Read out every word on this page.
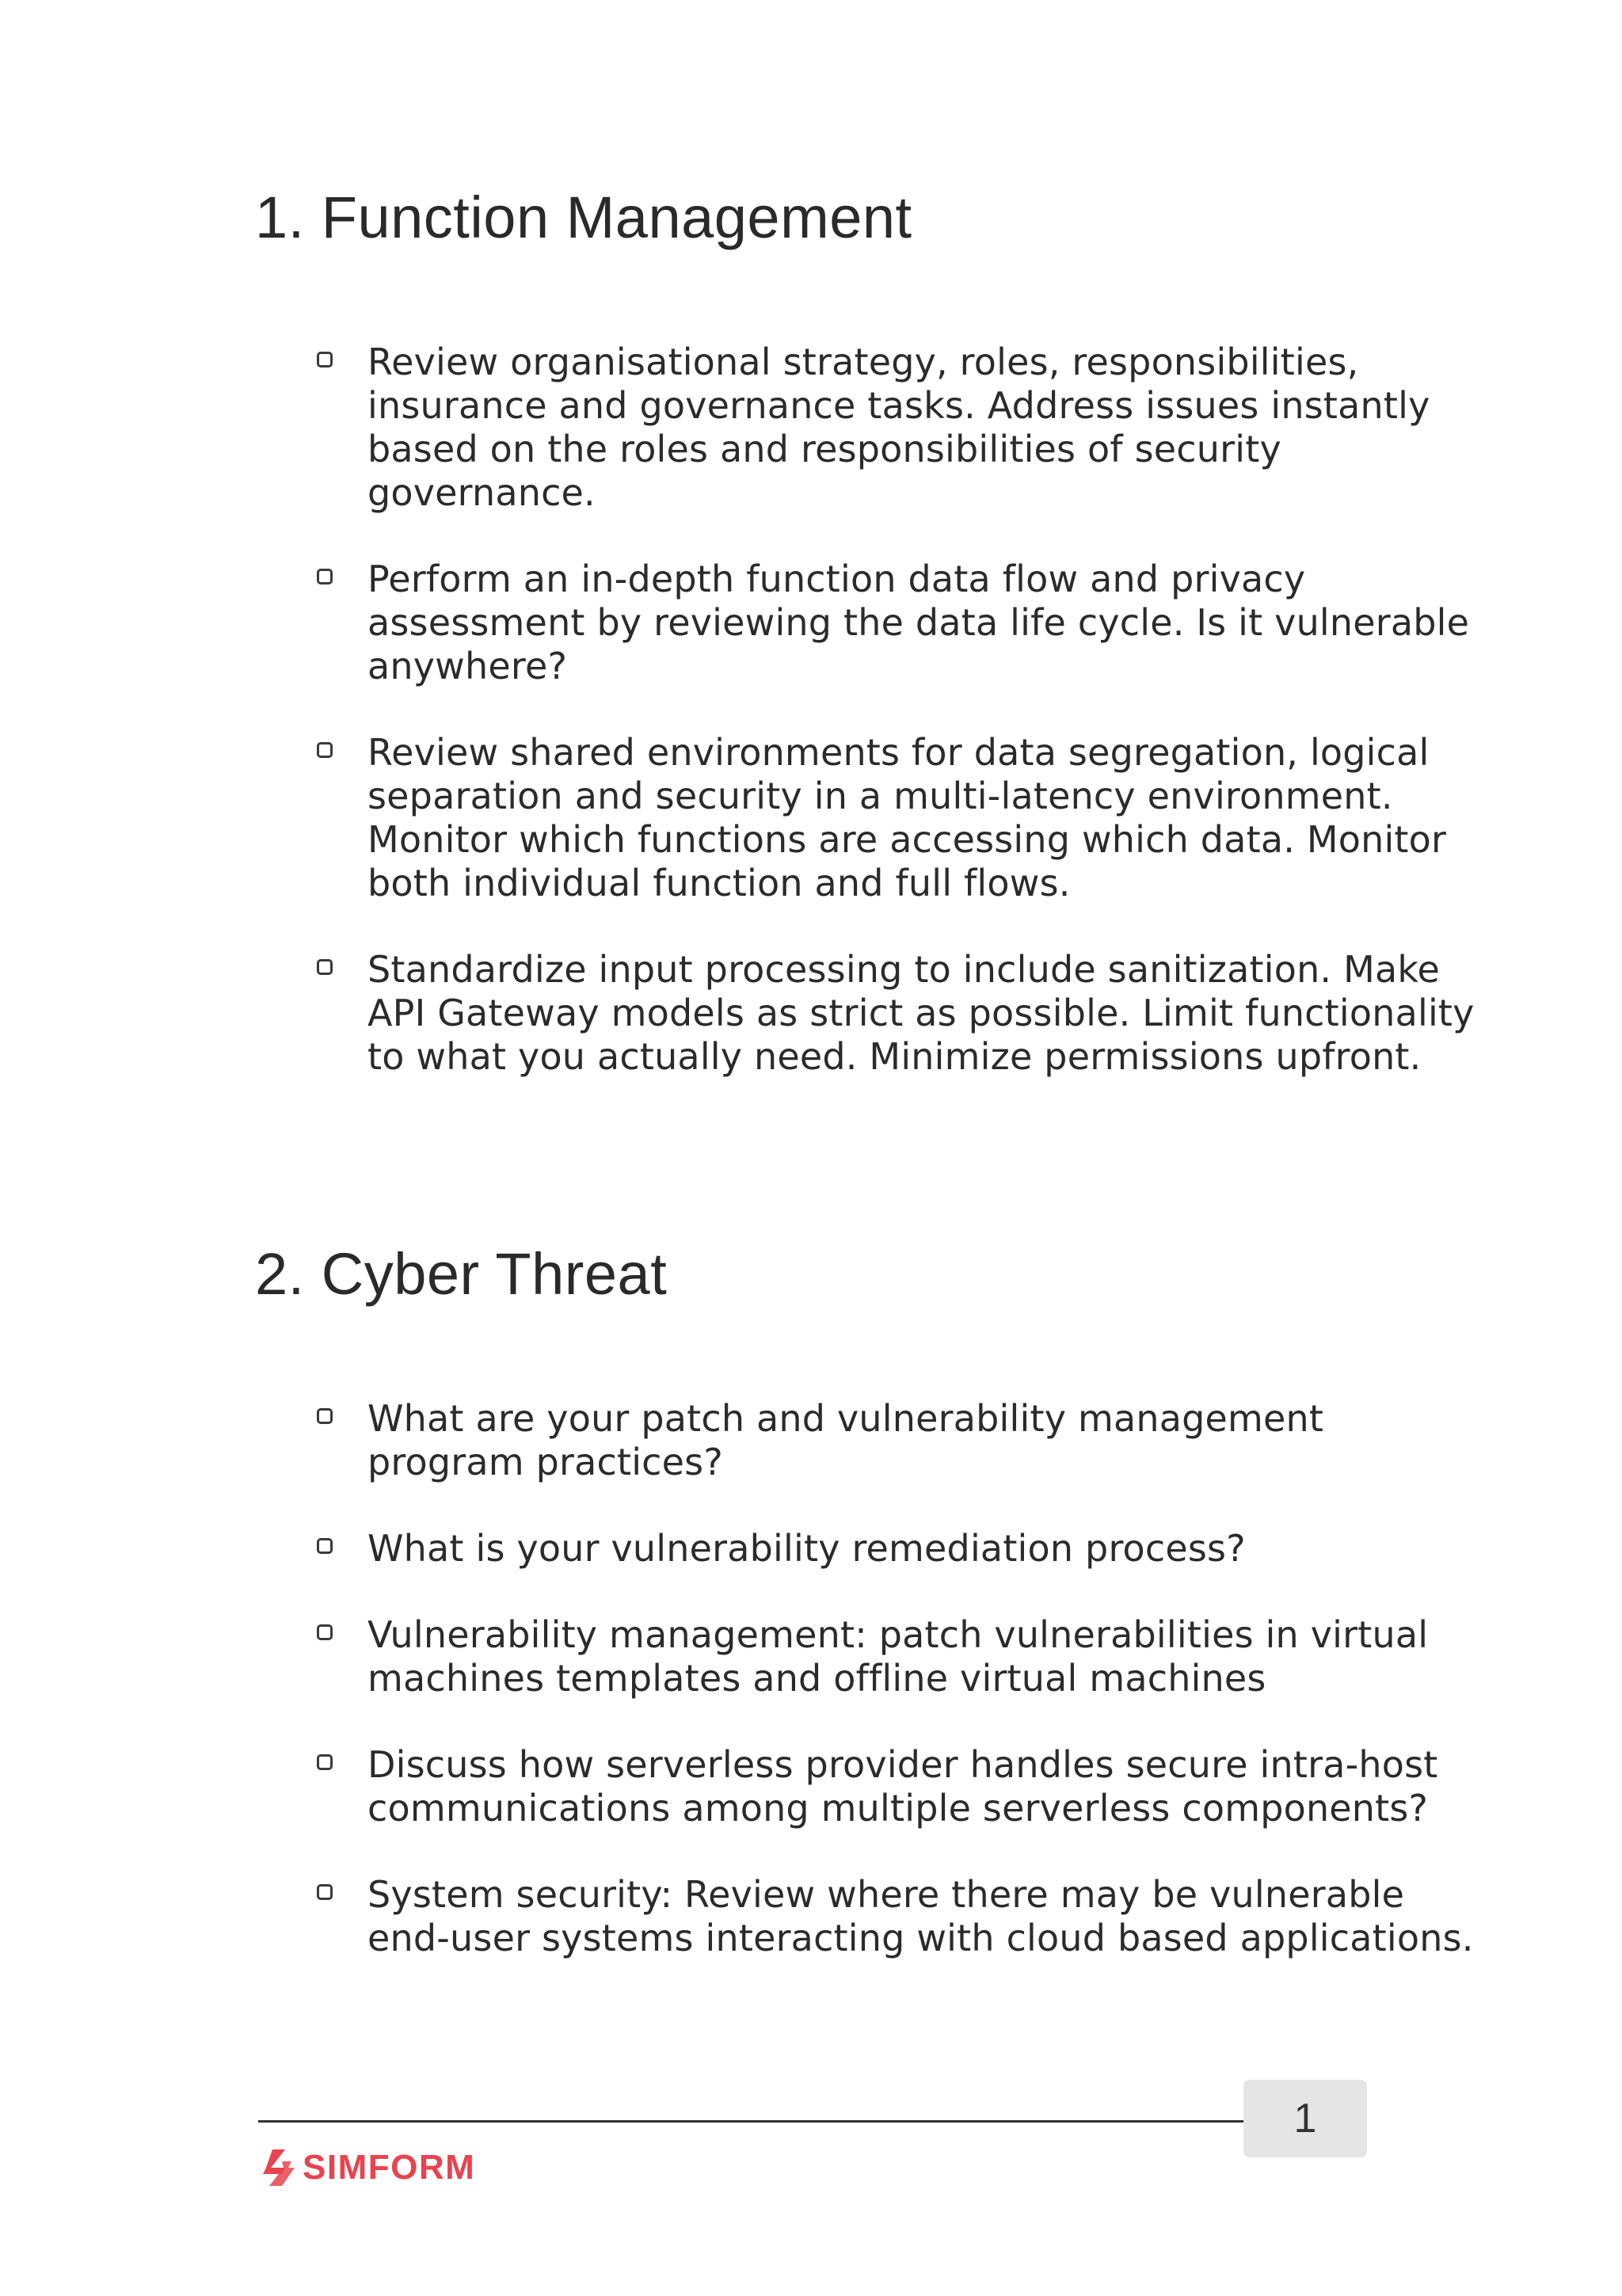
1. Function Management
Review organisational strategy, roles, responsibilities, insurance and governance tasks. Address issues instantly based on the roles and responsibilities of security governance.
Perform an in-depth function data flow and privacy assessment by reviewing the data life cycle. Is it vulnerable anywhere?
Review shared environments for data segregation, logical separation and security in a multi-latency environment. Monitor which functions are accessing which data. Monitor both individual function and full flows.
Standardize input processing to include sanitization. Make API Gateway models as strict as possible. Limit functionality to what you actually need. Minimize permissions upfront.
2. Cyber Threat
What are your patch and vulnerability management program practices?
What is your vulnerability remediation process?
Vulnerability management: patch vulnerabilities in virtual machines templates and offline virtual machines
Discuss how serverless provider handles secure intra-host communications among multiple serverless components?
System security: Review where there may be vulnerable end-user systems interacting with cloud based applications.
1
SIMFORM
